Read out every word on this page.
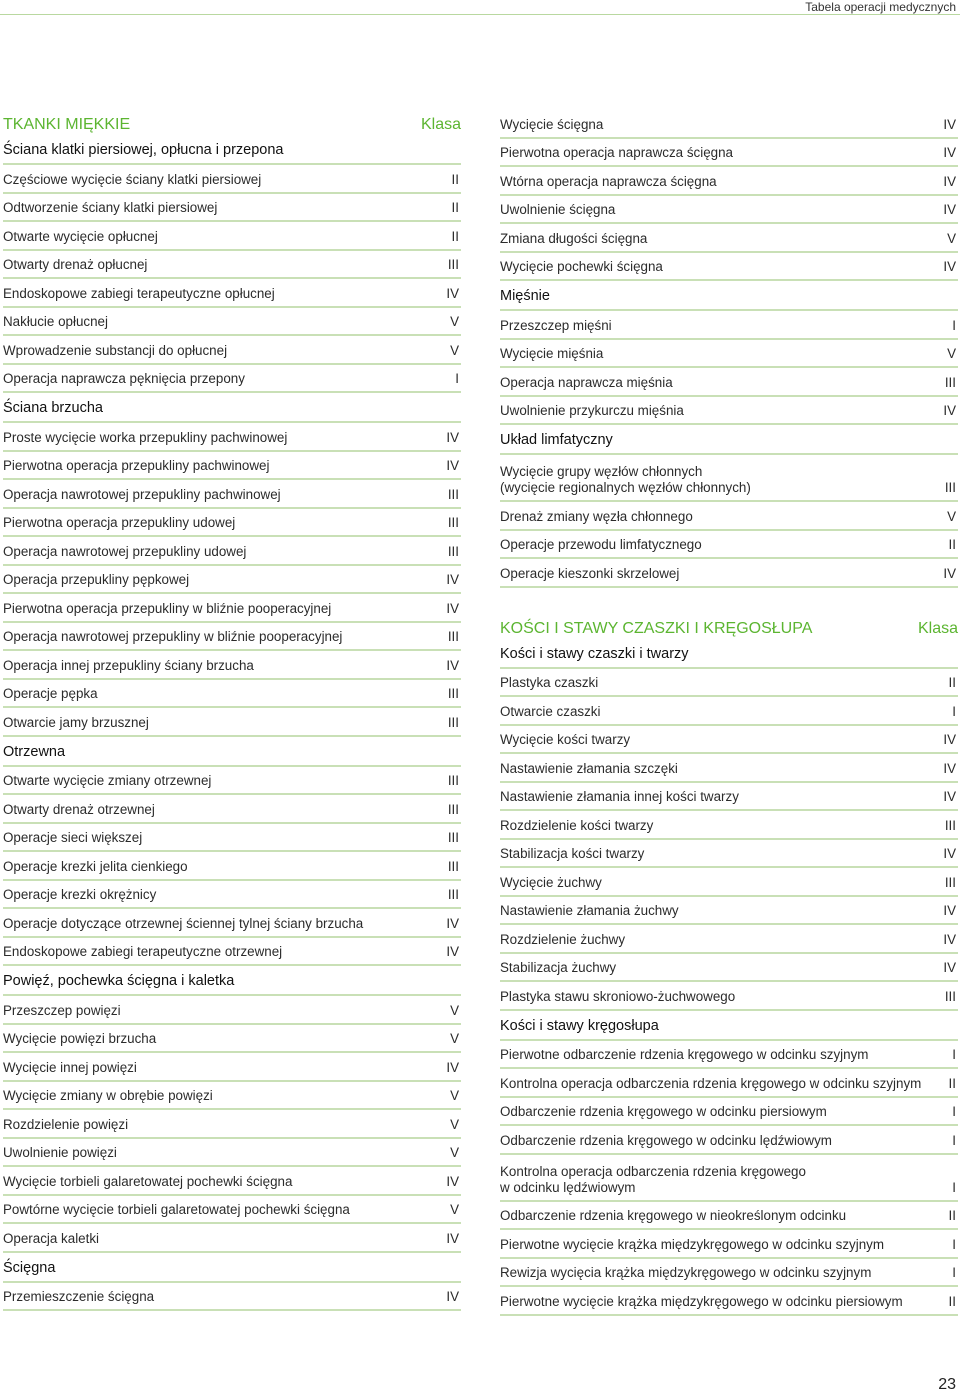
Tabela operacji medycznych
TKANKI MIĘKKIE	Klasa
Ściana klatki piersiowej, opłucna i przepona
Częściowe wycięcie ściany klatki piersiowej	II
Odtworzenie ściany klatki piersiowej	II
Otwarte wycięcie opłucnej	II
Otwarty drenaż opłucnej	III
Endoskopowe zabiegi terapeutyczne opłucnej	IV
Nakłucie opłucnej	V
Wprowadzenie substancji do opłucnej	V
Operacja naprawcza pęknięcia przepony	I
Ściana brzucha
Proste wycięcie worka przepukliny pachwinowej	IV
Pierwotna operacja przepukliny pachwinowej	IV
Operacja nawrotowej przepukliny pachwinowej	III
Pierwotna operacja przepukliny udowej	III
Operacja nawrotowej przepukliny udowej	III
Operacja przepukliny pępkowej	IV
Pierwotna operacja przepukliny w bliźnie pooperacyjnej	IV
Operacja nawrotowej przepukliny w bliźnie pooperacyjnej	III
Operacja innej przepukliny ściany brzucha	IV
Operacje pępka	III
Otwarcie jamy brzusznej	III
Otrzewna
Otwarte wycięcie zmiany otrzewnej	III
Otwarty drenaż otrzewnej	III
Operacje sieci większej	III
Operacje krezki jelita cienkiego	III
Operacje krezki okrężnicy	III
Operacje dotyczące otrzewnej ściennej tylnej ściany brzucha	IV
Endoskopowe zabiegi terapeutyczne otrzewnej	IV
Powięź, pochewka ścięgna i kaletka
Przeszczep powięzi	V
Wycięcie powięzi brzucha	V
Wycięcie innej powięzi	IV
Wycięcie zmiany w obrębie powięzi	V
Rozdzielenie powięzi	V
Uwolnienie powięzi	V
Wycięcie torbieli galaretowatej pochewki ścięgna	IV
Powtórne wycięcie torbieli galaretowatej pochewki ścięgna	V
Operacja kaletki	IV
Ścięgna
Przemieszczenie ścięgna	IV
Wycięcie ścięgna	IV
Pierwotna operacja naprawcza ścięgna	IV
Wtórna operacja naprawcza ścięgna	IV
Uwolnienie ścięgna	IV
Zmiana długości ścięgna	V
Wycięcie pochewki ścięgna	IV
Mięśnie
Przeszczep mięśni	I
Wycięcie mięśnia	V
Operacja naprawcza mięśnia	III
Uwolnienie przykurczu mięśnia	IV
Układ limfatyczny
Wycięcie grupy węzłów chłonnych
(wycięcie regionalnych węzłów chłonnych)	III
Drenaż zmiany węzła chłonnego	V
Operacje przewodu limfatycznego	II
Operacje kieszonki skrzelowej	IV
KOŚCI I STAWY CZASZKI I KRĘGOSŁUPA	Klasa
Kości i stawy czaszki i twarzy
Plastyka czaszki	II
Otwarcie czaszki	I
Wycięcie kości twarzy	IV
Nastawienie złamania szczęki	IV
Nastawienie złamania innej kości twarzy	IV
Rozdzielenie kości twarzy	III
Stabilizacja kości twarzy	IV
Wycięcie żuchwy	III
Nastawienie złamania żuchwy	IV
Rozdzielenie żuchwy	IV
Stabilizacja żuchwy	IV
Plastyka stawu skroniowo-żuchwowego	III
Kości i stawy kręgosłupa
Pierwotne odbarczenie rdzenia kręgowego w odcinku szyjnym	I
Kontrolna operacja odbarczenia rdzenia kręgowego w odcinku szyjnym	II
Odbarczenie rdzenia kręgowego w odcinku piersiowym	I
Odbarczenie rdzenia kręgowego w odcinku lędźwiowym	I
Kontrolna operacja odbarczenia rdzenia kręgowego
w odcinku lędźwiowym	I
Odbarczenie rdzenia kręgowego w nieokreślonym odcinku	II
Pierwotne wycięcie krążka międzykręgowego w odcinku szyjnym	I
Rewizja wycięcia krążka międzykręgowego w odcinku szyjnym	I
Pierwotne wycięcie krążka międzykręgowego w odcinku piersiowym	II
23
